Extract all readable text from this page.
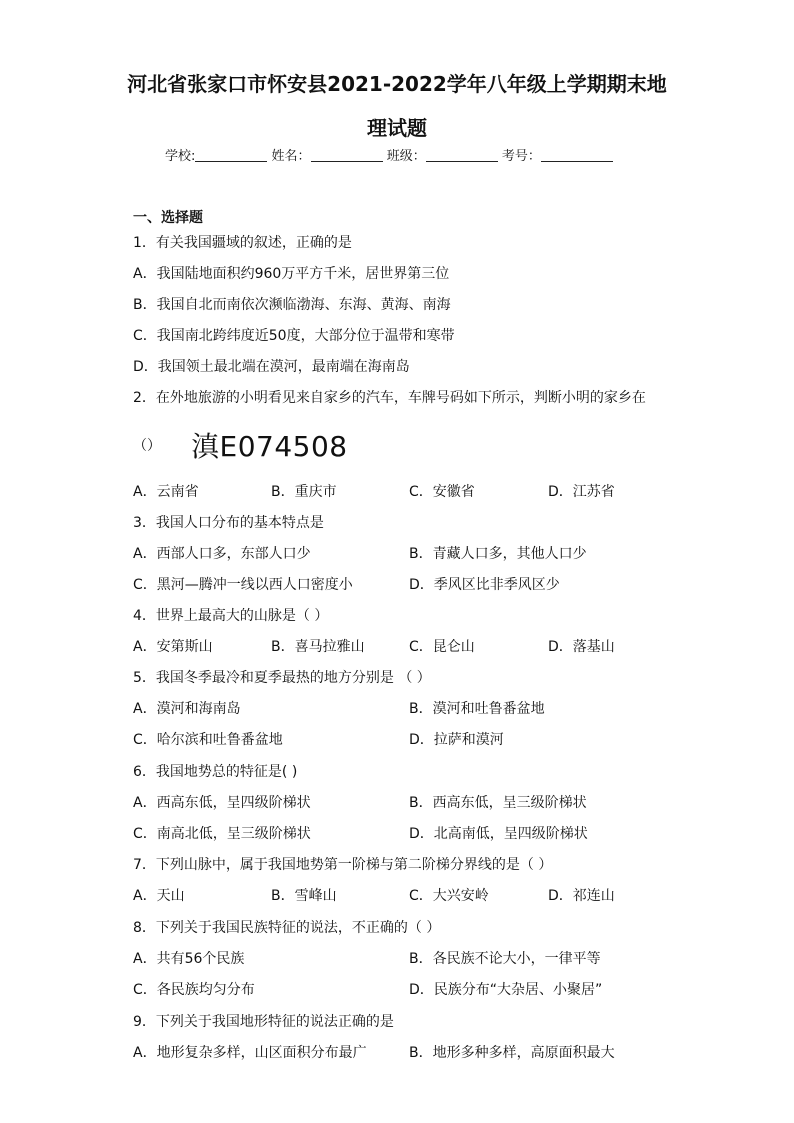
河北省张家口市怀安县2021-2022学年八年级上学期期末地
理试题
学校:	姓名：	班级：	考号：
一、选择题
1．有关我国疆域的叙述，正确的是
A．我国陆地面积约960万平方千米，居世界第三位
B．我国自北而南依次濒临渤海、东海、黄海、南海
C．我国南北跨纬度近50度，大部分位于温带和寒带
D．我国领土最北端在漠河，最南端在海南岛
2．在外地旅游的小明看见来自家乡的汽车，车牌号码如下所示，判断小明的家乡在
（） 滇E074508
A．云南省	B．重庆市	C．安徽省	D．江苏省
3．我国人口分布的基本特点是
A．西部人口多，东部人口少	B．青藏人口多，其他人口少
C．黑河—腾冲一线以西人口密度小	D．季风区比非季风区少
4．世界上最高大的山脉是（ ）
A．安第斯山	B．喜马拉雅山	C．昆仑山	D．落基山
5．我国冬季最冷和夏季最热的地方分别是 （ ）
A．漠河和海南岛	B．漠河和吐鲁番盆地
C．哈尔滨和吐鲁番盆地	D．拉萨和漠河
6．我国地势总的特征是( )
A．西高东低，呈四级阶梯状	B．西高东低，呈三级阶梯状
C．南高北低，呈三级阶梯状	D．北高南低，呈四级阶梯状
7．下列山脉中，属于我国地势第一阶梯与第二阶梯分界线的是（ ）
A．天山	B．雪峰山	C．大兴安岭	D．祁连山
8．下列关于我国民族特征的说法，不正确的（ ）
A．共有56个民族	B．各民族不论大小，一律平等
C．各民族均匀分布	D．民族分布“大杂居、小聚居”
9．下列关于我国地形特征的说法正确的是
A．地形复杂多样，山区面积分布最广	B．地形多种多样，高原面积最大
